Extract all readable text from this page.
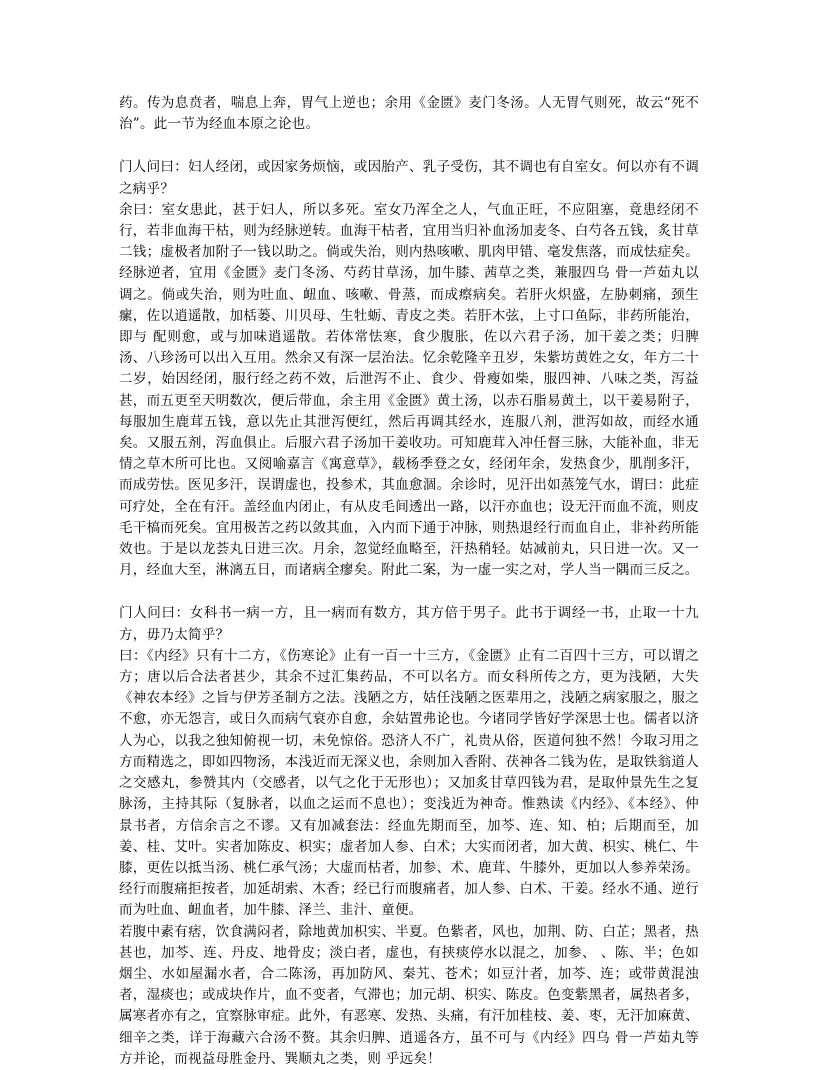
药。传为息贲者，喘息上奔，胃气上逆也；余用《金匮》麦门冬汤。人无胃气则死，故云“死不治”。此一节为经血本原之论也。

门人问曰：妇人经闭，或因家务烦恼，或因胎产、乳子受伤，其不调也有自室女。何以亦有不调之病乎？

余曰：室女患此，甚于妇人，所以多死。室女乃浑全之人，气血正旺，不应阻塞，竟患经闭不行，若非血海干枯，则为经脉逆转。血海干枯者，宜用当归补血汤加麦冬、白芍各五钱，炙甘草二钱；虚极者加附子一钱以助之。倘或失治，则内热咳嗽、肌肉甲错、毫发焦落，而成怯症矣。经脉逆者，宜用《金匮》麦门冬汤、芍药甘草汤，加牛膝、茜草之类，兼服四乌 骨一芦茹丸以调之。倘或失治，则为吐血、衄血、咳嗽、骨蒸，而成瘵病矣。若肝火炽盛，左胁刺痛，颈生瘰，佐以逍遥散，加栝蒌、川贝母、生牡蛎、青皮之类。若肝木弦，上寸口鱼际，非药所能治，即与 配则愈，或与加味逍遥散。若体常怯寒，食少腹胀，佐以六君子汤，加干姜之类；归脾汤、八珍汤可以出入互用。然余又有深一层治法。忆余乾隆辛丑岁，朱紫坊黄姓之女，年方二十二岁，始因经闭，服行经之药不效，后泄泻不止、食少、骨瘦如柴，服四神、八味之类，泻益甚，而五更至天明数次，便后带血，余主用《金匮》黄土汤，以赤石脂易黄土，以干姜易附子，每服加生鹿茸五钱，意以先止其泄泻便红，然后再调其经水，连服八剂，泄泻如故，而经水通矣。又服五剂，泻血俱止。后服六君子汤加干姜收功。可知鹿茸入冲任督三脉，大能补血，非无情之草木所可比也。又阅喻嘉言《寓意草》，载杨季登之女，经闭年余，发热食少，肌削多汗，而成劳怯。医见多汗，误谓虚也，投参术，其血愈涸。余诊时，见汗出如蒸笼气水，谓曰：此症可疗处，全在有汗。盖经血内闭止，有从皮毛间透出一路，以汗亦血也；设无汗而血不流，则皮毛干槁而死矣。宜用极苦之药以敛其血，入内而下通于冲脉，则热退经行而血自止，非补药所能效也。于是以龙荟丸日进三次。月余，忽觉经血略至，汗热稍轻。姑减前丸，只日进一次。又一月，经血大至，淋漓五日，而诸病全瘳矣。附此二案，为一虚一实之对，学人当一隅而三反之。

门人问曰：女科书一病一方，且一病而有数方，其方倍于男子。此书于调经一书，止取一十九方，毋乃太简乎？

曰：《内经》只有十二方，《伤寒论》止有一百一十三方，《金匮》止有二百四十三方，可以谓之方；唐以后合法者甚少，其余不过汇集药品，不可以名方。而女科所传之方，更为浅陋，大失《神农本经》之旨与伊芳圣制方之法。浅陋之方，姑任浅陋之医辈用之，浅陋之病家服之，服之不愈，亦无怨言，或日久而病气衰亦自愈，余姑置弗论也。今诸同学皆好学深思士也。儒者以济人为心，以我之独知俯视一切，未免惊俗。恐济人不广，礼贵从俗，医道何独不然！今取习用之方而精选之，即如四物汤，本浅近而无深义也，余则加入香附、茯神各二钱为佐，是取铁翁道人之交感丸，参赞其内（交感者，以气之化于无形也）；又加炙甘草四钱为君，是取仲景先生之复脉汤，主持其际（复脉者，以血之运而不息也）；变浅近为神奇。惟熟读《内经》、《本经》、仲景书者，方信余言之不谬。又有加减套法：经血先期而至，加芩、连、知、柏；后期而至，加姜、桂、艾叶。实者加陈皮、枳实；虚者加人参、白术；大实而闭者，加大黄、枳实、桃仁、牛膝，更佐以抵当汤、桃仁承气汤；大虚而枯者，加参、术、鹿茸、牛膝外，更加以人参养荣汤。经行而腹痛拒按者，加延胡索、木香；经已行而腹痛者，加人参、白术、干姜。经水不通、逆行而为吐血、衄血者，加牛膝、泽兰、韭汁、童便。

若腹中素有痞，饮食满闷者，除地黄加枳实、半夏。色紫者，风也，加荆、防、白芷；黑者，热甚也，加芩、连、丹皮、地骨皮；淡白者，虚也，有挟痰停水以混之，加参、 、陈、半；色如烟尘、水如屋漏水者，合二陈汤，再加防风、秦艽、苍术；如豆汁者，加芩、连；或带黄混浊者，湿痰也；或成块作片，血不变者，气滞也；加元胡、枳实、陈皮。色变紫黑者，属热者多，属寒者亦有之，宜察脉审症。此外，有恶寒、发热、头痛，有汗加桂枝、姜、枣，无汗加麻黄、细辛之类，详于海藏六合汤不赘。其余归脾、逍遥各方，虽不可与《内经》四乌 骨一芦茹丸等方并论，而视益母胜金丹、巽顺丸之类，则 乎远矣！
